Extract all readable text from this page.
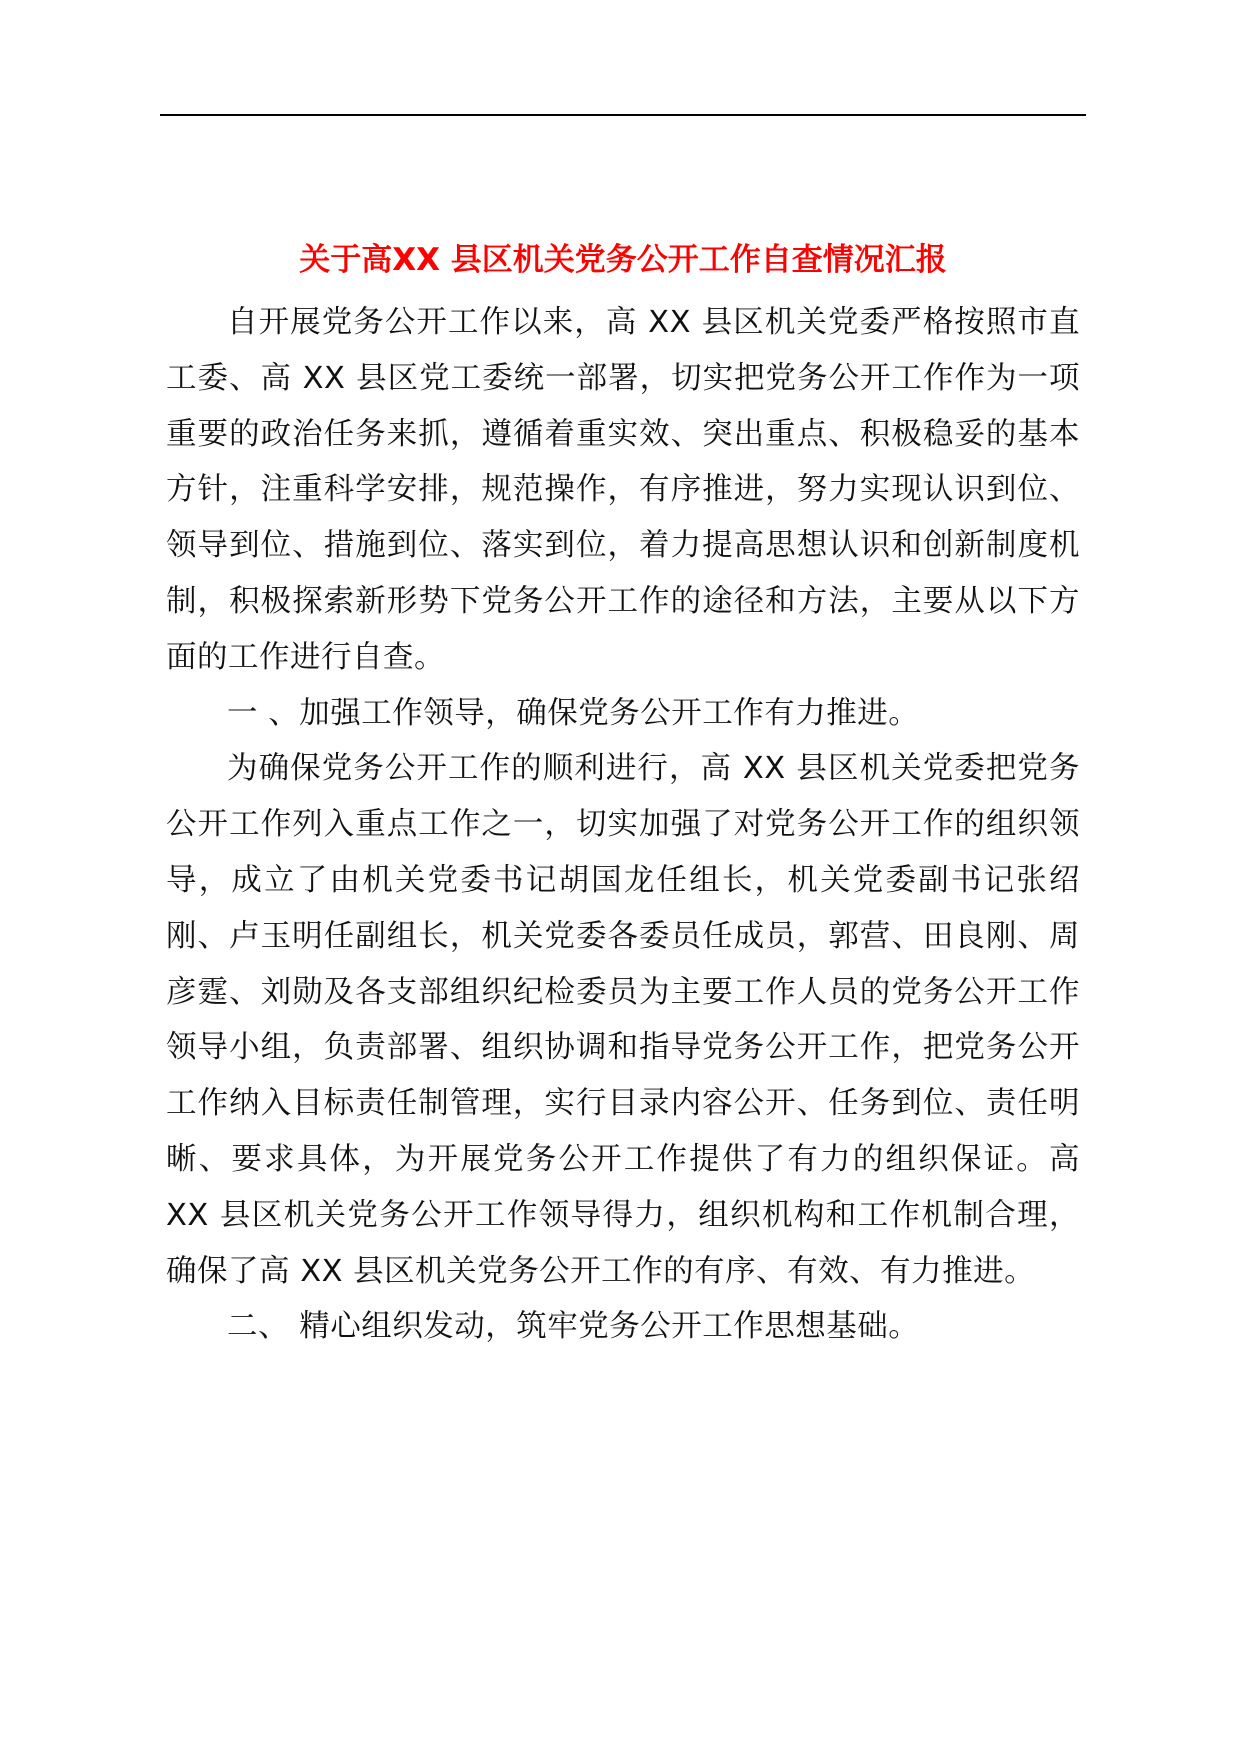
关于高XX 县区机关党务公开工作自查情况汇报

自开展党务公开工作以来，高 XX 县区机关党委严格按照市直工委、高 XX 县区党工委统一部署，切实把党务公开工作作为一项重要的政治任务来抓，遵循着重实效、突出重点、积极稳妥的基本方针，注重科学安排，规范操作，有序推进，努力实现认识到位、领导到位、措施到位、落实到位，着力提高思想认识和创新制度机制，积极探索新形势下党务公开工作的途径和方法，主要从以下方面的工作进行自查。

一 、加强工作领导，确保党务公开工作有力推进。

为确保党务公开工作的顺利进行，高 XX 县区机关党委把党务公开工作列入重点工作之一，切实加强了对党务公开工作的组织领导，成立了由机关党委书记胡国龙任组长，机关党委副书记张绍刚、卢玉明任副组长，机关党委各委员任成员，郭营、田良刚、周彦霆、刘勋及各支部组织纪检委员为主要工作人员的党务公开工作领导小组，负责部署、组织协调和指导党务公开工作，把党务公开工作纳入目标责任制管理，实行目录内容公开、任务到位、责任明晰、要求具体，为开展党务公开工作提供了有力的组织保证。高 XX 县区机关党务公开工作领导得力，组织机构和工作机制合理，确保了高 XX 县区机关党务公开工作的有序、有效、有力推进。

二、 精心组织发动，筑牢党务公开工作思想基础。
